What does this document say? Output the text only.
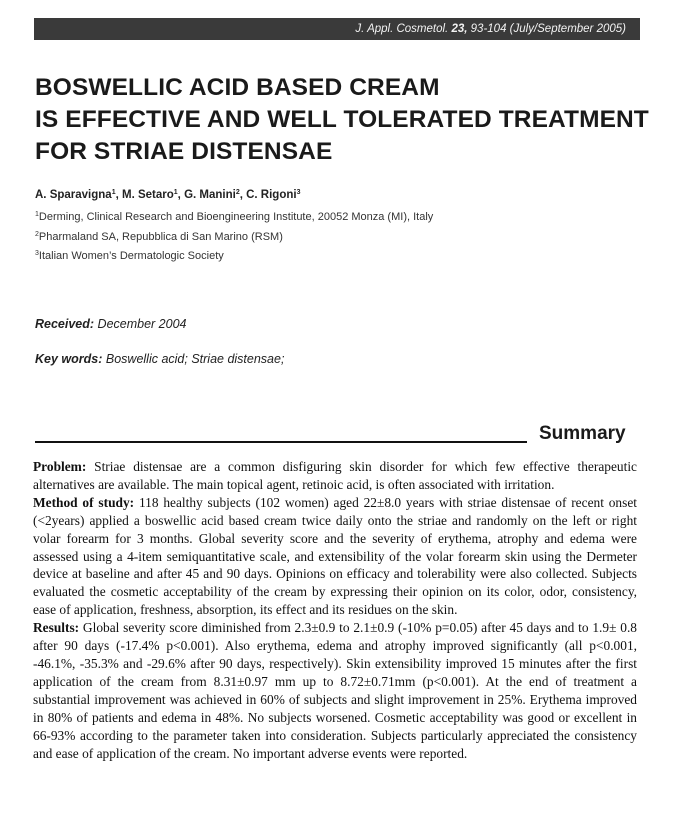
J. Appl. Cosmetol. 23, 93-104 (July/September 2005)
BOSWELLIC ACID BASED CREAM
IS EFFECTIVE AND WELL TOLERATED TREATMENT
FOR STRIAE DISTENSAE
A. Sparavigna$^1$, M. Setaro$^1$, G. Manini$^2$, C. Rigoni$^3$
$^1$Derming, Clinical Research and Bioengineering Institute, 20052 Monza (MI), Italy
$^2$Pharmaland SA, Repubblica di San Marino (RSM)
$^3$Italian Women’s Dermatologic Society
Received: December 2004
Key words: Boswellic acid; Striae distensae;
Summary

Problem: Striae distensae are a common disfiguring skin disorder for which few effective therapeutic alternatives are available. The main topical agent, retinoic acid, is often associated with irritation.

Method of study: 118 healthy subjects (102 women) aged 22±8.0 years with striae distensae of recent onset (<2years) applied a boswellic acid based cream twice daily onto the striae and randomly on the left or right volar forearm for 3 months. Global severity score and the severity of erythema, atrophy and edema were assessed using a 4-item semiquantitative scale, and extensibility of the volar forearm skin using the Dermeter device at baseline and after 45 and 90 days. Opinions on efficacy and tolerability were also collected. Subjects evaluated the cosmetic acceptability of the cream by expressing their opinion on its color, odor, consistency, ease of application, freshness, absorption, its effect and its residues on the skin.

Results: Global severity score diminished from 2.3±0.9 to 2.1±0.9 (-10% p=0.05) after 45 days and to 1.9± 0.8 after 90 days (-17.4% p<0.001). Also erythema, edema and atrophy improved significantly (all p<0.001, -46.1%, -35.3% and -29.6% after 90 days, respectively). Skin extensibility improved 15 minutes after the first application of the cream from 8.31±0.97 mm up to 8.72±0.71mm (p<0.001). At the end of treatment a substantial improvement was achieved in 60% of subjects and slight improvement in 25%. Erythema improved in 80% of patients and edema in 48%. No subjects worsened. Cosmetic acceptability was good or excellent in 66-93% according to the parameter taken into consideration. Subjects particularly appreciated the consistency and ease of application of the cream. No important adverse events were reported.
